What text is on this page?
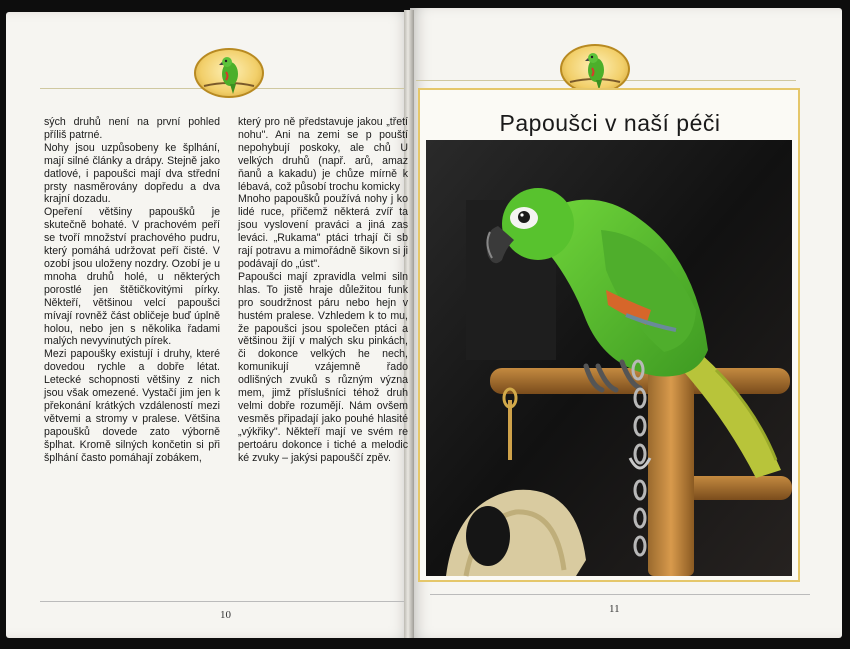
sých druhů není na první pohled příliš patrné.

Nohy jsou uzpůsobeny ke šplhání, mají silné články a drápy. Stejně jako datlové, i papoušci mají dva střední prsty nasměrovány dopředu a dva krajní dozadu.

Opeření většiny papoušků je skutečně bohaté. V prachovém peří se tvoří množství prachového pudru, který pomáhá udržovat peří čisté. V ozobí jsou uloženy nozdry. Ozobí je u mnoha druhů holé, u některých porostlé jen štětičkovitými pírky. Někteří, většinou velcí papoušci mívají rovněž část obličeje buď úplně holou, nebo jen s několika řadami malých nevyvinutých pírek.

Mezi papoušky existují i druhy, které dovedou rychle a dobře létat. Letecké schopnosti většiny z nich jsou však omezené. Vystačí jim jen k překonání krátkých vzdáleností mezi větvemi a stromy v pralese. Většina papoušků dovede zato výborně šplhat. Kromě silných končetin si při šplhání často pomáhají zobákem,

který pro ně představuje jakou „třetí nohu". Ani na zemi se p pouští nepohybují poskoky, ale chů U velkých druhů (např. arů, amaz ňanů a kakadu) je chůze mírně k lébavá, což působí trochu komicky

Mnoho papoušků používá nohy j ko lidé ruce, přičemž některá zvíř ta jsou vyslovení praváci a jiná zas leváci. „Rukama" ptáci trhají či sb rají potravu a mimořádně šikovn si ji podávají do „úst".

Papoušci mají zpravidla velmi siln hlas. To jistě hraje důležitou funk pro soudržnost páru nebo hejn v hustém pralese. Vzhledem k to mu, že papoušci jsou společen ptáci a většinou žijí v malých sku pinkách, či dokonce velkých he nech, komunikují vzájemně řado odlišných zvuků s různým význa mem, jimž příslušníci téhož druh velmi dobře rozumějí. Nám ovšem vesměs připadají jako pouhé hlasité „výkřiky". Někteří mají ve svém re pertoáru dokonce i tiché a melodic ké zvuky – jakýsi papouščí zpěv.

10
Papoušci v naší péči
11
